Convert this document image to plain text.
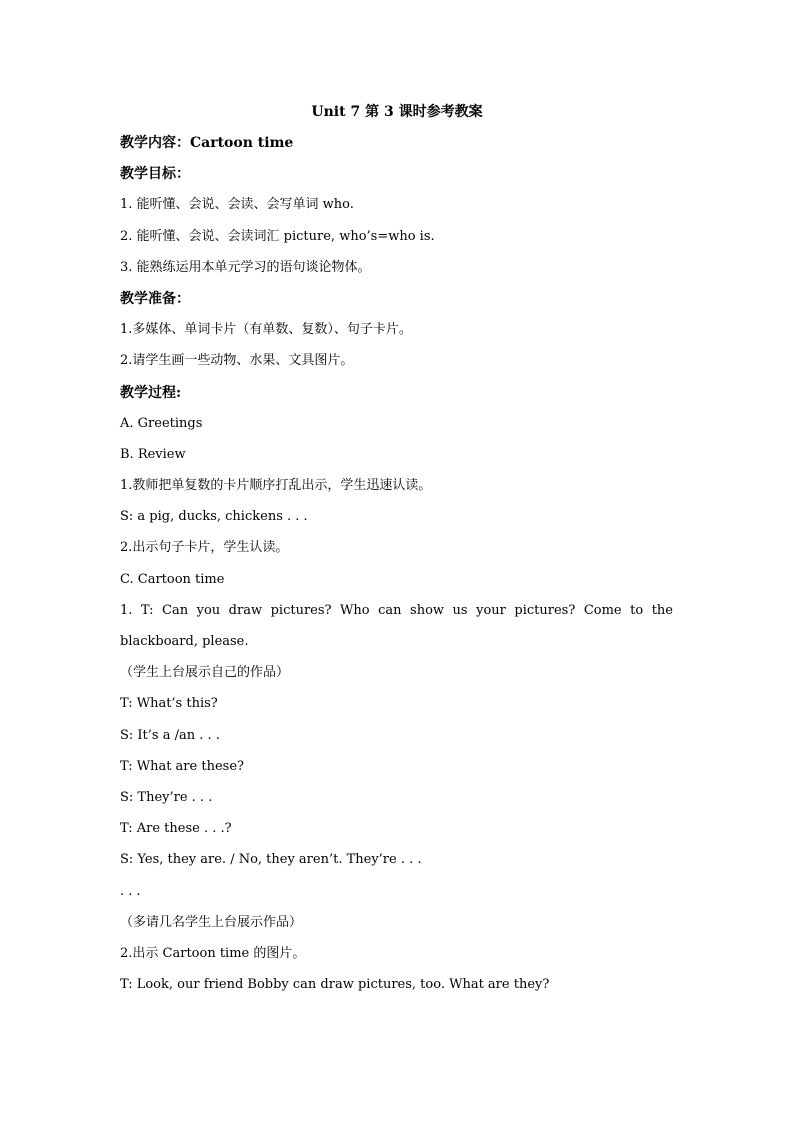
Unit 7 第 3 课时参考教案
教学内容：Cartoon time
教学目标：
1. 能听懂、会说、会读、会写单词 who.
2. 能听懂、会说、会读词汇 picture, who’s=who is.
3. 能熟练运用本单元学习的语句谈论物体。
教学准备：
1.多媒体、单词卡片（有单数、复数）、句子卡片。
2.请学生画一些动物、水果、文具图片。
教学过程:
A. Greetings
B. Review
1.教师把单复数的卡片顺序打乱出示，学生迅速认读。
S: a pig, ducks, chickens . . .
2.出示句子卡片，学生认读。
C. Cartoon time
1. T: Can you draw pictures? Who can show us your pictures? Come to the
blackboard, please.
（学生上台展示自己的作品）
T: What’s this?
S: It’s a /an . . .
T: What are these?
S: They’re . . .
T: Are these . . .?
S: Yes, they are. / No, they aren’t. They’re . . .
. . .
（多请几名学生上台展示作品）
2.出示 Cartoon time 的图片。
T: Look, our friend Bobby can draw pictures, too. What are they?
